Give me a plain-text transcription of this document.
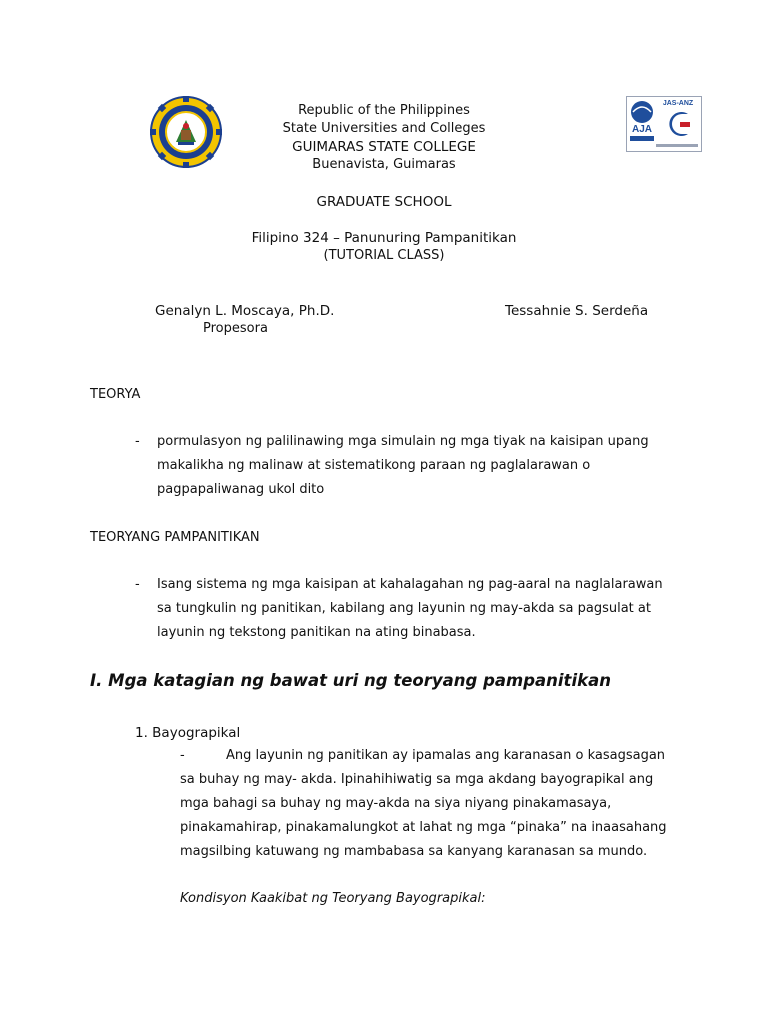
AJA
JAS-ANZ
Republic of the Philippines
State Universities and Colleges
GUIMARAS STATE COLLEGE
Buenavista, Guimaras
GRADUATE SCHOOL
Filipino 324 – Panunuring Pampanitikan
(TUTORIAL CLASS)
Genalyn L. Moscaya, Ph.D.
Propesora
Tessahnie S. Serdeña
TEORYA
- pormulasyon ng palilinawing mga simulain ng mga tiyak na kaisipan upang
makalikha ng malinaw at sistematikong paraan ng paglalarawan o
pagpapaliwanag ukol dito
TEORYANG PAMPANITIKAN
- Isang sistema ng mga kaisipan at kahalagahan ng pag-aaral na naglalarawan
sa tungkulin ng panitikan, kabilang ang layunin ng may-akda sa pagsulat at
layunin ng tekstong panitikan na ating binabasa.
I. Mga katagian ng bawat uri ng teoryang pampanitikan
1. Bayograpikal
-	Ang layunin ng panitikan ay ipamalas ang karanasan o kasagsagan
sa buhay ng may- akda. Ipinahihiwatig sa mga akdang bayograpikal ang
mga bahagi sa buhay ng may-akda na siya niyang pinakamasaya,
pinakamahirap, pinakamalungkot at lahat ng mga “pinaka” na inaasahang
magsilbing katuwang ng mambabasa sa kanyang karanasan sa mundo.
Kondisyon Kaakibat ng Teoryang Bayograpikal:
